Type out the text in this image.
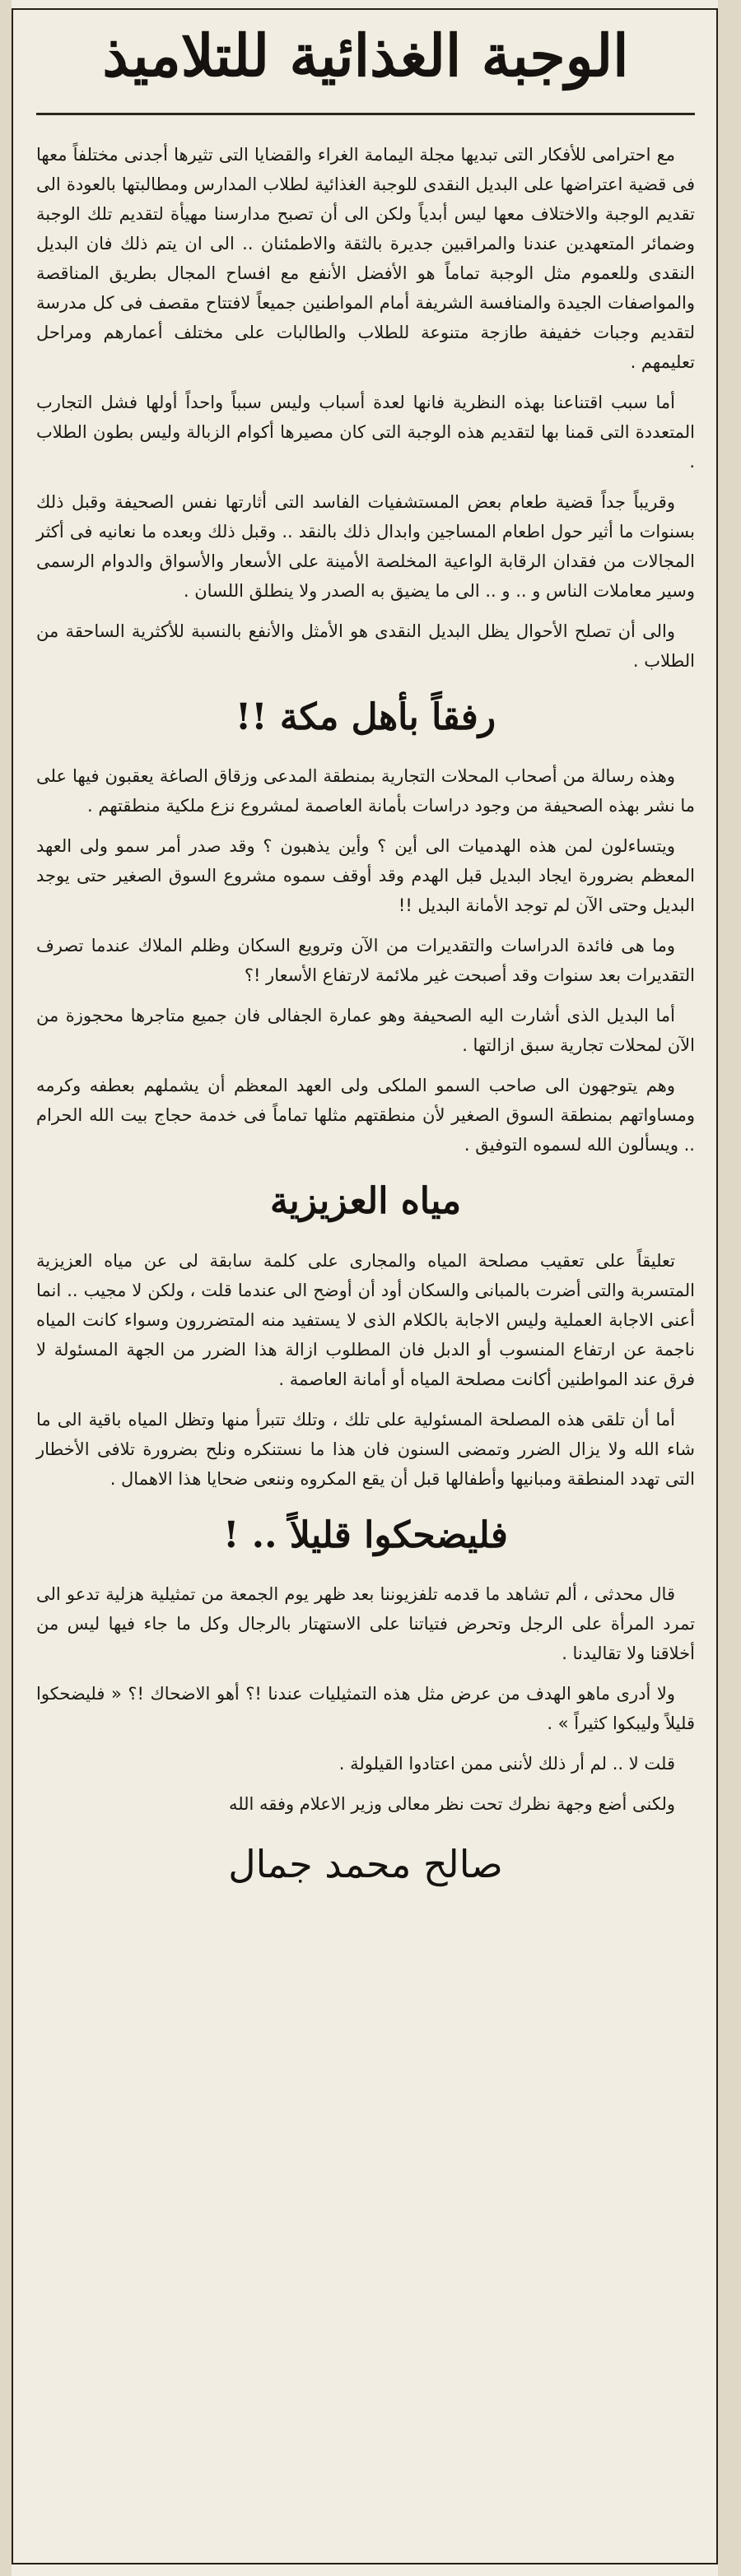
الوجبة الغذائية للتلاميذ

مع احترامى للأفكار التى تبديها مجلة اليمامة الغراء والقضايا التى تثيرها أجدنى مختلفاً معها فى قضية اعتراضها على البديل النقدى للوجبة الغذائية لطلاب المدارس ومطالبتها بالعودة الى تقديم الوجبة والاختلاف معها ليس أبدياً ولكن الى أن تصبح مدارسنا مهيأة لتقديم تلك الوجبة وضمائر المتعهدين عندنا والمراقبين جديرة بالثقة والاطمئنان .. الى ان يتم ذلك فان البديل النقدى وللعموم مثل الوجبة تماماً هو الأفضل الأنفع مع افساح المجال بطريق المناقصة والمواصفات الجيدة والمنافسة الشريفة أمام المواطنين جميعاً لافتتاح مقصف فى كل مدرسة لتقديم وجبات خفيفة طازجة متنوعة للطلاب والطالبات على مختلف أعمارهم ومراحل تعليمهم .

أما سبب اقتناعنا بهذه النظرية فانها لعدة أسباب وليس سبباً واحداً أولها فشل التجارب المتعددة التى قمنا بها لتقديم هذه الوجبة التى كان مصيرها أكوام الزبالة وليس بطون الطلاب .

وقريباً جداً قضية طعام بعض المستشفيات الفاسد التى أثارتها نفس الصحيفة وقبل ذلك بسنوات ما أثير حول اطعام المساجين وابدال ذلك بالنقد .. وقبل ذلك وبعده ما نعانيه فى أكثر المجالات من فقدان الرقابة الواعية المخلصة الأمينة على الأسعار والأسواق والدوام الرسمى وسير معاملات الناس و .. و .. الى ما يضيق به الصدر ولا ينطلق اللسان .

والى أن تصلح الأحوال يظل البديل النقدى هو الأمثل والأنفع بالنسبة للأكثرية الساحقة من الطلاب .

رفقاً بأهل مكة !!

وهذه رسالة من أصحاب المحلات التجارية بمنطقة المدعى وزقاق الصاغة يعقبون فيها على ما نشر بهذه الصحيفة من وجود دراسات بأمانة العاصمة لمشروع نزع ملكية منطقتهم .

ويتساءلون لمن هذه الهدميات الى أين ؟ وأين يذهبون ؟ وقد صدر أمر سمو ولى العهد المعظم بضرورة ايجاد البديل قبل الهدم وقد أوقف سموه مشروع السوق الصغير حتى يوجد البديل وحتى الآن لم توجد الأمانة البديل !!

وما هى فائدة الدراسات والتقديرات من الآن وترويع السكان وظلم الملاك عندما تصرف التقديرات بعد سنوات وقد أصبحت غير ملائمة لارتفاع الأسعار !؟

أما البديل الذى أشارت اليه الصحيفة وهو عمارة الجفالى فان جميع متاجرها محجوزة من الآن لمحلات تجارية سبق ازالتها .

وهم يتوجهون الى صاحب السمو الملكى ولى العهد المعظم أن يشملهم بعطفه وكرمه ومساواتهم بمنطقة السوق الصغير لأن منطقتهم مثلها تماماً فى خدمة حجاج بيت الله الحرام .. ويسألون الله لسموه التوفيق .

مياه العزيزية

تعليقاً على تعقيب مصلحة المياه والمجارى على كلمة سابقة لى عن مياه العزيزية المتسربة والتى أضرت بالمبانى والسكان أود أن أوضح الى عندما قلت ، ولكن لا مجيب .. انما أعنى الاجابة العملية وليس الاجابة بالكلام الذى لا يستفيد منه المتضررون وسواء كانت المياه ناجمة عن ارتفاع المنسوب أو الدبل فان المطلوب ازالة هذا الضرر من الجهة المسئولة لا فرق عند المواطنين أكانت مصلحة المياه أو أمانة العاصمة .

أما أن تلقى هذه المصلحة المسئولية على تلك ، وتلك تتبرأ منها وتظل المياه باقية الى ما شاء الله ولا يزال الضرر وتمضى السنون فان هذا ما نستنكره ونلح بضرورة تلافى الأخطار التى تهدد المنطقة ومبانيها وأطفالها قبل أن يقع المكروه وننعى ضحايا هذا الاهمال .

فليضحكوا قليلاً .. !

قال محدثى ، ألم تشاهد ما قدمه تلفزيوننا بعد ظهر يوم الجمعة من تمثيلية هزلية تدعو الى تمرد المرأة على الرجل وتحرض فتياتنا على الاستهتار بالرجال وكل ما جاء فيها ليس من أخلاقنا ولا تقاليدنا .

ولا أدرى ماهو الهدف من عرض مثل هذه التمثيليات عندنا !؟ أهو الاضحاك !؟ « فليضحكوا قليلاً وليبكوا كثيراً » .

قلت لا .. لم أر ذلك لأننى ممن اعتادوا القيلولة .

ولكنى أضع وجهة نظرك تحت نظر معالى وزير الاعلام وفقه الله

صالح محمد جمال
